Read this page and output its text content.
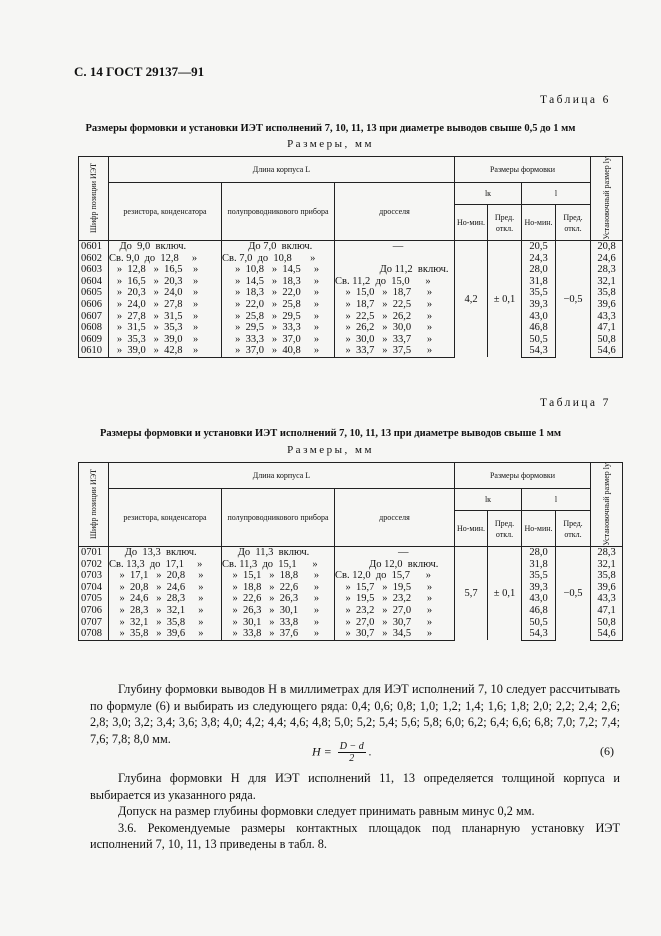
С. 14 ГОСТ 29137—91
Таблица 6
Размеры формовки и установки ИЭТ исполнений 7, 10, 11, 13 при диаметре выводов свыше 0,5 до 1 мм
Размеры, мм
Шифр позиции ИЭТ	Длина корпуса L			Размеры формовки				Установочный размер lу

	резистора, конденсатора	полупроводникового прибора	дросселя	lк		l		
				Но-мин.	Пред. откл.	Но-мин.	Пред. откл.	
0601	До  9,0  включ.	До 7,0  включ.	—	4,2	± 0,1	20,5	−0,5	20,8
0602	Св. 9,0  до  12,8     »	Св. 7,0  до  10,8       »				24,3		24,6
0603	»  12,8   »  16,5    »	»  10,8   »  14,5     »	До 11,2  включ.			28,0		28,3
0604	»  16,5   »  20,3    »	»  14,5   »  18,3     »	Св. 11,2  до  15,0      »			31,8		32,1
0605	»  20,3   »  24,0    »	»  18,3   »  22,0     »	»  15,0   »  18,7      »			35,5		35,8
0606	»  24,0   »  27,8    »	»  22,0   »  25,8     »	»  18,7   »  22,5      »			39,3		39,6
0607	»  27,8   »  31,5    »	»  25,8   »  29,5     »	»  22,5   »  26,2      »			43,0		43,3
0608	»  31,5   »  35,3    »	»  29,5   »  33,3     »	»  26,2   »  30,0      »			46,8		47,1
0609	»  35,3   »  39,0    »	»  33,3   »  37,0     »	»  30,0   »  33,7      »			50,5		50,8
0610	»  39,0   »  42,8    »	»  37,0   »  40,8     »	»  33,7   »  37,5      »			54,3		54,6
Таблица 7
Размеры формовки и установки ИЭТ исполнений 7, 10, 11, 13 при диаметре выводов свыше 1 мм
Размеры, мм
Шифр позиции ИЭТ	Длина корпуса L			Размеры формовки				Установочный размер lу

	резистора, конденсатора	полупроводникового прибора	дросселя	lк		l		
				Но-мин.	Пред. откл.	Но-мин.	Пред. откл.	
0701	До  13,3  включ.	До  11,3  включ.	—	5,7	± 0,1	28,0	−0,5	28,3
0702	Св. 13,3  до  17,1     »	Св. 11,3  до  15,1      »	До 12,0  включ.			31,8		32,1
0703	»  17,1   »  20,8     »	»  15,1   »  18,8      »	Св. 12,0  до  15,7      »			35,5		35,8
0704	»  20,8   »  24,6     »	»  18,8   »  22,6      »	»  15,7   »  19,5      »			39,3		39,6
0705	»  24,6   »  28,3     »	»  22,6   »  26,3      »	»  19,5   »  23,2      »			43,0		43,3
0706	»  28,3   »  32,1     »	»  26,3   »  30,1      »	»  23,2   »  27,0      »			46,8		47,1
0707	»  32,1   »  35,8     »	»  30,1   »  33,8      »	»  27,0   »  30,7      »			50,5		50,8
0708	»  35,8   »  39,6     »	»  33,8   »  37,6      »	»  30,7   »  34,5      »			54,3		54,6

Глубину формовки выводов H в миллиметрах для ИЭТ исполнений 7, 10 следует рассчитывать по формуле (6) и выбирать из следующего ряда: 0,4; 0,6; 0,8; 1,0; 1,2; 1,4; 1,6; 1,8; 2,0; 2,2; 2,4; 2,6; 2,8; 3,0; 3,2; 3,4; 3,6; 3,8; 4,0; 4,2; 4,4; 4,6; 4,8; 5,0; 5,2; 5,4; 5,6; 5,8; 6,0; 6,2; 6,4; 6,6; 6,8; 7,0; 7,2; 7,4; 7,6; 7,8; 8,0 мм.

$H = \frac{D - d}{2}$ .	(6)

Глубина формовки H для ИЭТ исполнений 11, 13 определяется толщиной корпуса и выбирается из указанного ряда.

Допуск на размер глубины формовки следует принимать равным минус 0,2 мм.

3.6. Рекомендуемые размеры контактных площадок под планарную установку ИЭТ исполнений 7, 10, 11, 13 приведены в табл. 8.
